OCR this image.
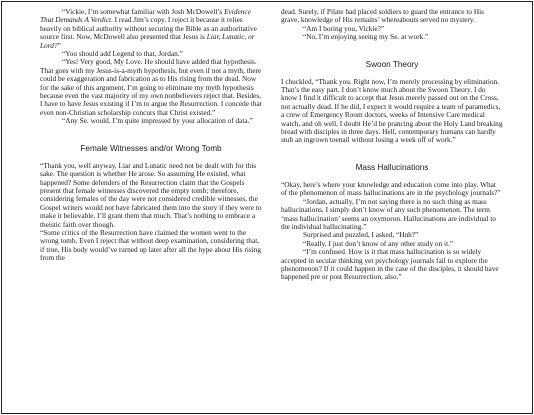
“Vickie, I’m somewhat familiar with Josh McDowell’s Evidence That Demands A Verdict. I read Jim’s copy. I reject it because it relies heavily on biblical authority without securing the Bible as an authoritative source first. Now, McDowell also presented that Jesus is Liar, Lunatic, or Lord?”

“You should add Legend to that, Jordan.”

“Yes! Very good, My Love. He should have added that hypothesis. That goes with my Jesus-is-a-myth hypothesis, but even if not a myth, there could be exaggeration and fabrication as to His rising from the dead. Now for the sake of this argument, I’m going to eliminate my myth hypothesis because even the vast majority of my own nonbelievers reject that. Besides, I have to have Jesus existing if I’m to argue the Resurrection. I concede that even non-Christian scholarship concurs that Christ existed.”

“Any Se. would. I’m quite impressed by your allocation of data.”

Female Witnesses and/or Wrong Tomb

“Thank you, well anyway, Liar and Lunatic need not be dealt with for this sake. The question is whether He arose. So assuming He existed, what happened? Some defenders of the Resurrection claim that the Gospels present that female witnesses discovered the empty tomb; therefore, considering females of the day were not considered credible witnesses, the Gospel writers would not have fabricated them into the story if they were to make it believable. I’ll grant them that much. That’s nothing to embrace a theistic faith over though.

“Some critics of the Resurrection have claimed the women went to the wrong tomb. Even I reject that without deep examination, considering that, if true, His body would’ve turned up later after all the hype about His rising from the

dead. Surely, if Pilate had placed soldiers to guard the entrance to His grave, knowledge of His remains’ whereabouts served no mystery.

“Am I boring you, Vickie?”

“No, I’m enjoying seeing my Se. at work.”

Swoon Theory

I chuckled, “Thank you. Right now, I’m merely processing by elimination. That’s the easy part. I don’t know much about the Swoon Theory. I do know I find it difficult to accept that Jesus merely passed out on the Cross, not actually dead. If he did, I expect it would require a team of paramedics, a crew of Emergency Room doctors, weeks of Intensive Care medical watch, and oh well, I doubt He’d be prancing about the Holy Land breaking bread with disciples in three days. Hell, contemporary humans can hardly stub an ingrown toenail without losing a week off of work.”

Mass Hallucinations

“Okay, here’s where your knowledge and education come into play. What of the phenomenon of mass hallucinations are in the psychology journals?”

“Jordan, actually, I’m not saying there is no such thing as mass hallucinations. I simply don’t know of any such phenomenon. The term ‘mass hallucination’ seems an oxymoron. Hallucinations are individual to the individual hallucinating.”

Surprised and puzzled, I asked, “Huh?”

“Really, I just don’t know of any other study on it.”

“I’m confused. How is it that mass hallucination is so widely accepted in secular thinking yet psychology journals fail to explore the phenomenon? If it could happen in the case of the disciples, it should have happened pre or post Resurrection, also.”
